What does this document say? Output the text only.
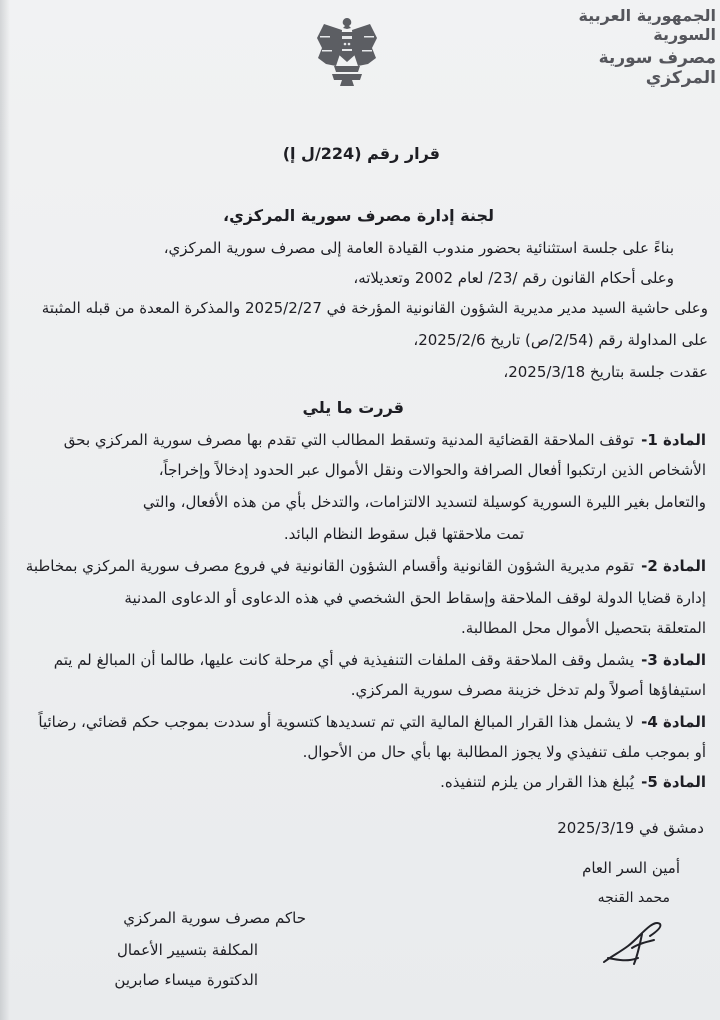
الجمهورية العربية السورية
مصرف سورية المركزي
قرار رقم (224/ل إ)
لجنة إدارة مصرف سورية المركزي،
بناءً على جلسة استثنائية بحضور مندوب القيادة العامة إلى مصرف سورية المركزي،
وعلى أحكام القانون رقم /23/ لعام 2002 وتعديلاته،
وعلى حاشية السيد مدير مديرية الشؤون القانونية المؤرخة في 2025/2/27 والمذكرة المعدة من قبله المثبتة
على المداولة رقم (2/54/ص) تاريخ 2025/2/6،
عقدت جلسة بتاريخ 2025/3/18،
قررت ما يلي
المادة 1-
توقف الملاحقة القضائية المدنية وتسقط المطالب التي تقدم بها مصرف سورية المركزي بحق
الأشخاص الذين ارتكبوا أفعال الصرافة والحوالات ونقل الأموال عبر الحدود إدخالاً وإخراجاً،
والتعامل بغير الليرة السورية كوسيلة لتسديد الالتزامات، والتدخل بأي من هذه الأفعال، والتي
تمت ملاحقتها قبل سقوط النظام البائد.
المادة 2-
تقوم مديرية الشؤون القانونية وأقسام الشؤون القانونية في فروع مصرف سورية المركزي بمخاطبة
إدارة قضايا الدولة لوقف الملاحقة وإسقاط الحق الشخصي في هذه الدعاوى أو الدعاوى المدنية
المتعلقة بتحصيل الأموال محل المطالبة.
المادة 3-
يشمل وقف الملاحقة وقف الملفات التنفيذية في أي مرحلة كانت عليها، طالما أن المبالغ لم يتم
استيفاؤها أصولاً ولم تدخل خزينة مصرف سورية المركزي.
المادة 4-
لا يشمل هذا القرار المبالغ المالية التي تم تسديدها كتسوية أو سددت بموجب حكم قضائي، رضائياً
أو بموجب ملف تنفيذي ولا يجوز المطالبة بها بأي حال من الأحوال.
المادة 5-
يُبلغ هذا القرار من يلزم لتنفيذه.
دمشق في 2025/3/19
أمين السر العام
محمد القنجه
حاكم مصرف سورية المركزي
المكلفة بتسيير الأعمال
الدكتورة ميساء صابرين
